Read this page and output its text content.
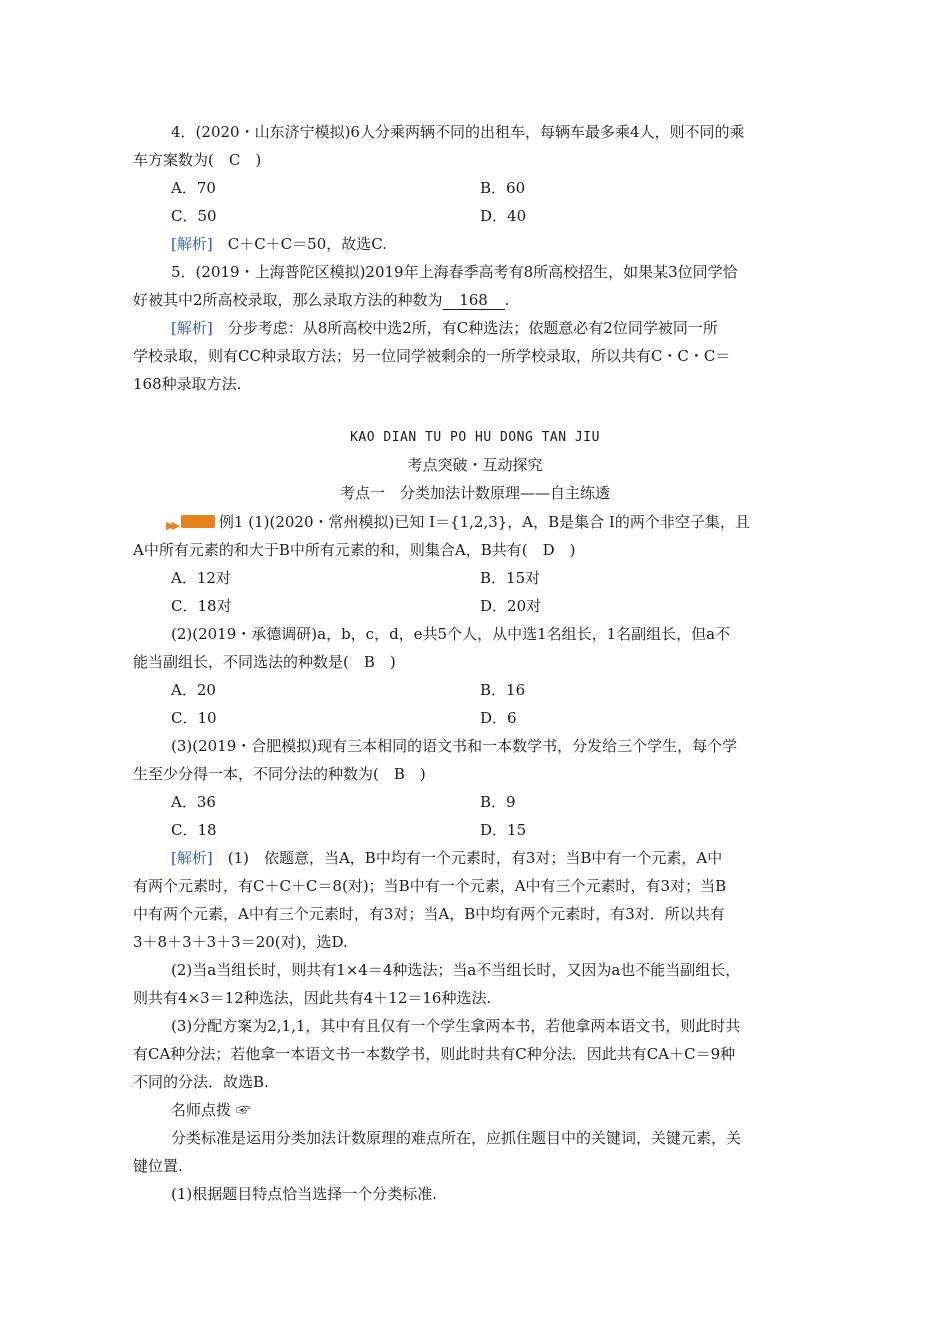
4．(2020・山东济宁模拟)6人分乘两辆不同的出租车，每辆车最多乘4人，则不同的乘
车方案数为(　C　)
A．70	B．60
C．50	D．40
[解析]　C＋C＋C＝50，故选C.
5．(2019・上海普陀区模拟)2019年上海春季高考有8所高校招生，如果某3位同学恰
好被其中2所高校录取，那么录取方法的种数为 168 .
[解析]　分步考虑：从8所高校中选2所，有C种选法；依题意必有2位同学被同一所
学校录取，则有CC种录取方法；另一位同学被剩余的一所学校录取，所以共有C・C・C＝
168种录取方法.
KAO DIAN TU PO HU DONG TAN JIU
考点突破・互动探究
考点一　分类加法计数原理——自主练透
▶▶	例1 (1)(2020・常州模拟)已知 I＝{1,2,3}，A，B是集合 I的两个非空子集，且
A中所有元素的和大于B中所有元素的和，则集合A，B共有(　D　)
A．12对	B．15对
C．18对	D．20对
(2)(2019・承德调研)a，b，c，d，e共5个人，从中选1名组长，1名副组长，但a不
能当副组长，不同选法的种数是(　B　)
A．20	B．16
C．10	D．6
(3)(2019・合肥模拟)现有三本相同的语文书和一本数学书，分发给三个学生，每个学
生至少分得一本，不同分法的种数为(　B　)
A．36	B．9
C．18	D．15
[解析]　(1)　依题意，当A，B中均有一个元素时，有3对；当B中有一个元素，A中
有两个元素时，有C＋C＋C＝8(对)；当B中有一个元素，A中有三个元素时，有3对；当B
中有两个元素，A中有三个元素时，有3对；当A，B中均有两个元素时，有3对．所以共有
3＋8＋3＋3＋3＝20(对)，选D.
(2)当a当组长时，则共有1×4＝4种选法；当a不当组长时，又因为a也不能当副组长，
则共有4×3＝12种选法，因此共有4＋12＝16种选法.
(3)分配方案为2,1,1，其中有且仅有一个学生拿两本书，若他拿两本语文书，则此时共
有CA种分法；若他拿一本语文书一本数学书，则此时共有C种分法．因此共有CA＋C＝9种
不同的分法．故选B.
名师点拨 ☞
分类标准是运用分类加法计数原理的难点所在，应抓住题目中的关键词，关键元素，关
键位置.
(1)根据题目特点恰当选择一个分类标准.
